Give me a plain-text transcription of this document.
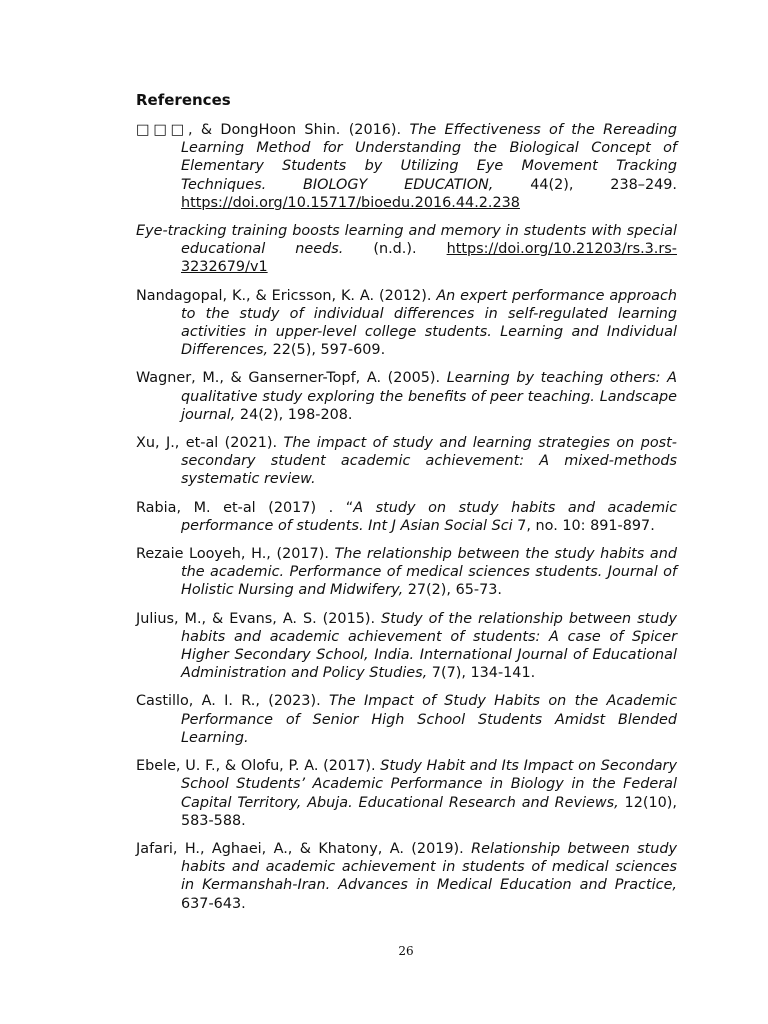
References
□□□, & DongHoon Shin. (2016). The Effectiveness of the Rereading Learning Method for Understanding the Biological Concept of Elementary Students by Utilizing Eye Movement Tracking Techniques. BIOLOGY EDUCATION, 44(2), 238–249. https://doi.org/10.15717/bioedu.2016.44.2.238
Eye-tracking training boosts learning and memory in students with special educational needs. (n.d.). https://doi.org/10.21203/rs.3.rs-3232679/v1
Nandagopal, K., & Ericsson, K. A. (2012). An expert performance approach to the study of individual differences in self-regulated learning activities in upper-level college students. Learning and Individual Differences, 22(5), 597-609.
Wagner, M., & Ganserner-Topf, A. (2005). Learning by teaching others: A qualitative study exploring the benefits of peer teaching. Landscape journal, 24(2), 198-208.
Xu, J., et-al (2021). The impact of study and learning strategies on post- secondary student academic achievement: A mixed-methods systematic review.
Rabia, M. et-al (2017) . “A study on study habits and academic performance of students. Int J Asian Social Sci 7, no. 10: 891-897.
Rezaie Looyeh, H., (2017). The relationship between the study habits and the academic. Performance of medical sciences students. Journal of Holistic Nursing and Midwifery, 27(2), 65-73.
Julius, M., & Evans, A. S. (2015). Study of the relationship between study habits and academic achievement of students: A case of Spicer Higher Secondary School, India. International Journal of Educational Administration and Policy Studies, 7(7), 134-141.
Castillo, A. I. R., (2023). The Impact of Study Habits on the Academic Performance of Senior High School Students Amidst Blended Learning.
Ebele, U. F., & Olofu, P. A. (2017). Study Habit and Its Impact on Secondary School Students’ Academic Performance in Biology in the Federal Capital Territory, Abuja. Educational Research and Reviews, 12(10), 583-588.
Jafari, H., Aghaei, A., & Khatony, A. (2019). Relationship between study habits and academic achievement in students of medical sciences in Kermanshah-Iran. Advances in Medical Education and Practice, 637-643.
26
